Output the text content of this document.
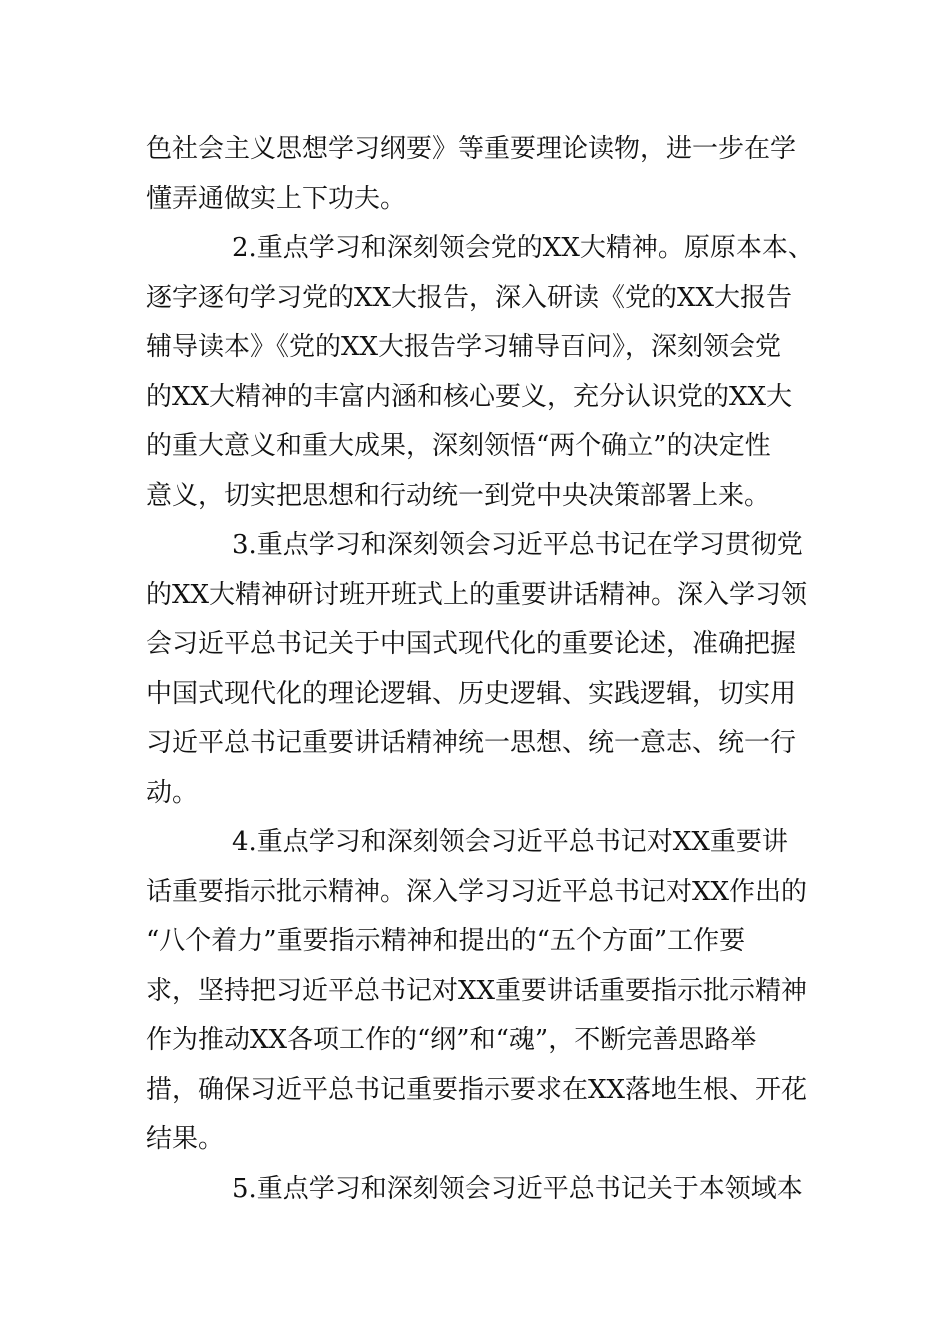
色社会主义思想学习纲要》等重要理论读物，进一步在学
懂弄通做实上下功夫。

2.重点学习和深刻领会党的XX大精神。原原本本、
逐字逐句学习党的XX大报告，深入研读《党的XX大报告
辅导读本》《党的XX大报告学习辅导百问》，深刻领会党
的XX大精神的丰富内涵和核心要义，充分认识党的XX大
的重大意义和重大成果，深刻领悟“两个确立”的决定性
意义，切实把思想和行动统一到党中央决策部署上来。

3.重点学习和深刻领会习近平总书记在学习贯彻党
的XX大精神研讨班开班式上的重要讲话精神。深入学习领
会习近平总书记关于中国式现代化的重要论述，准确把握
中国式现代化的理论逻辑、历史逻辑、实践逻辑，切实用
习近平总书记重要讲话精神统一思想、统一意志、统一行
动。

4.重点学习和深刻领会习近平总书记对XX重要讲
话重要指示批示精神。深入学习习近平总书记对XX作出的
“八个着力”重要指示精神和提出的“五个方面”工作要
求，坚持把习近平总书记对XX重要讲话重要指示批示精神
作为推动XX各项工作的“纲”和“魂”，不断完善思路举
措，确保习近平总书记重要指示要求在XX落地生根、开花
结果。

5.重点学习和深刻领会习近平总书记关于本领域本
